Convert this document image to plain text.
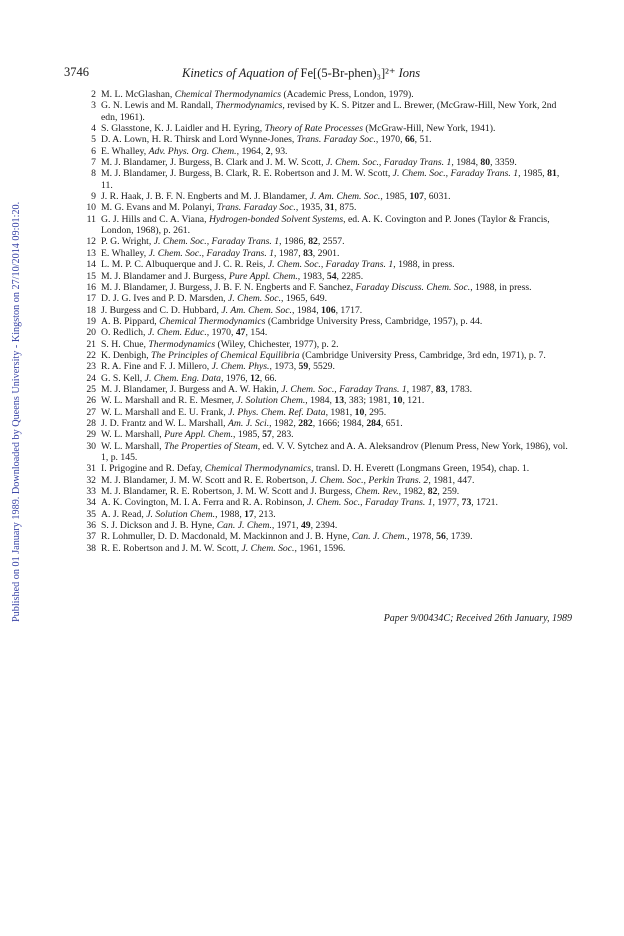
Published on 01 January 1989. Downloaded by Queens University - Kingston on 27/10/2014 09:01:20.
3746	Kinetics of Aquation of Fe[(5-Br-phen)₃]²⁺ Ions
2 M. L. McGlashan, Chemical Thermodynamics (Academic Press, London, 1979).
3 G. N. Lewis and M. Randall, Thermodynamics, revised by K. S. Pitzer and L. Brewer, (McGraw-Hill, New York, 2nd edn, 1961).
4 S. Glasstone, K. J. Laidler and H. Eyring, Theory of Rate Processes (McGraw-Hill, New York, 1941).
5 D. A. Lown, H. R. Thirsk and Lord Wynne-Jones, Trans. Faraday Soc., 1970, 66, 51.
6 E. Whalley, Adv. Phys. Org. Chem., 1964, 2, 93.
7 M. J. Blandamer, J. Burgess, B. Clark and J. M. W. Scott, J. Chem. Soc., Faraday Trans. 1, 1984, 80, 3359.
8 M. J. Blandamer, J. Burgess, B. Clark, R. E. Robertson and J. M. W. Scott, J. Chem. Soc., Faraday Trans. 1, 1985, 81, 11.
9 J. R. Haak, J. B. F. N. Engberts and M. J. Blandamer, J. Am. Chem. Soc., 1985, 107, 6031.
10 M. G. Evans and M. Polanyi, Trans. Faraday Soc., 1935, 31, 875.
11 G. J. Hills and C. A. Viana, Hydrogen-bonded Solvent Systems, ed. A. K. Covington and P. Jones (Taylor & Francis, London, 1968), p. 261.
12 P. G. Wright, J. Chem. Soc., Faraday Trans. 1, 1986, 82, 2557.
13 E. Whalley, J. Chem. Soc., Faraday Trans. 1, 1987, 83, 2901.
14 L. M. P. C. Albuquerque and J. C. R. Reis, J. Chem. Soc., Faraday Trans. 1, 1988, in press.
15 M. J. Blandamer and J. Burgess, Pure Appl. Chem., 1983, 54, 2285.
16 M. J. Blandamer, J. Burgess, J. B. F. N. Engberts and F. Sanchez, Faraday Discuss. Chem. Soc., 1988, in press.
17 D. J. G. Ives and P. D. Marsden, J. Chem. Soc., 1965, 649.
18 J. Burgess and C. D. Hubbard, J. Am. Chem. Soc., 1984, 106, 1717.
19 A. B. Pippard, Chemical Thermodynamics (Cambridge University Press, Cambridge, 1957), p. 44.
20 O. Redlich, J. Chem. Educ., 1970, 47, 154.
21 S. H. Chue, Thermodynamics (Wiley, Chichester, 1977), p. 2.
22 K. Denbigh, The Principles of Chemical Equilibria (Cambridge University Press, Cambridge, 3rd edn, 1971), p. 7.
23 R. A. Fine and F. J. Millero, J. Chem. Phys., 1973, 59, 5529.
24 G. S. Kell, J. Chem. Eng. Data, 1976, 12, 66.
25 M. J. Blandamer, J. Burgess and A. W. Hakin, J. Chem. Soc., Faraday Trans. 1, 1987, 83, 1783.
26 W. L. Marshall and R. E. Mesmer, J. Solution Chem., 1984, 13, 383; 1981, 10, 121.
27 W. L. Marshall and E. U. Frank, J. Phys. Chem. Ref. Data, 1981, 10, 295.
28 J. D. Frantz and W. L. Marshall, Am. J. Sci., 1982, 282, 1666; 1984, 284, 651.
29 W. L. Marshall, Pure Appl. Chem., 1985, 57, 283.
30 W. L. Marshall, The Properties of Steam, ed. V. V. Sytchez and A. A. Aleksandrov (Plenum Press, New York, 1986), vol. 1, p. 145.
31 I. Prigogine and R. Defay, Chemical Thermodynamics, transl. D. H. Everett (Longmans Green, 1954), chap. 1.
32 M. J. Blandamer, J. M. W. Scott and R. E. Robertson, J. Chem. Soc., Perkin Trans. 2, 1981, 447.
33 M. J. Blandamer, R. E. Robertson, J. M. W. Scott and J. Burgess, Chem. Rev., 1982, 82, 259.
34 A. K. Covington, M. I. A. Ferra and R. A. Robinson, J. Chem. Soc., Faraday Trans. 1, 1977, 73, 1721.
35 A. J. Read, J. Solution Chem., 1988, 17, 213.
36 S. J. Dickson and J. B. Hyne, Can. J. Chem., 1971, 49, 2394.
37 R. Lohmuller, D. D. Macdonald, M. Mackinnon and J. B. Hyne, Can. J. Chem., 1978, 56, 1739.
38 R. E. Robertson and J. M. W. Scott, J. Chem. Soc., 1961, 1596.
Paper 9/00434C; Received 26th January, 1989
